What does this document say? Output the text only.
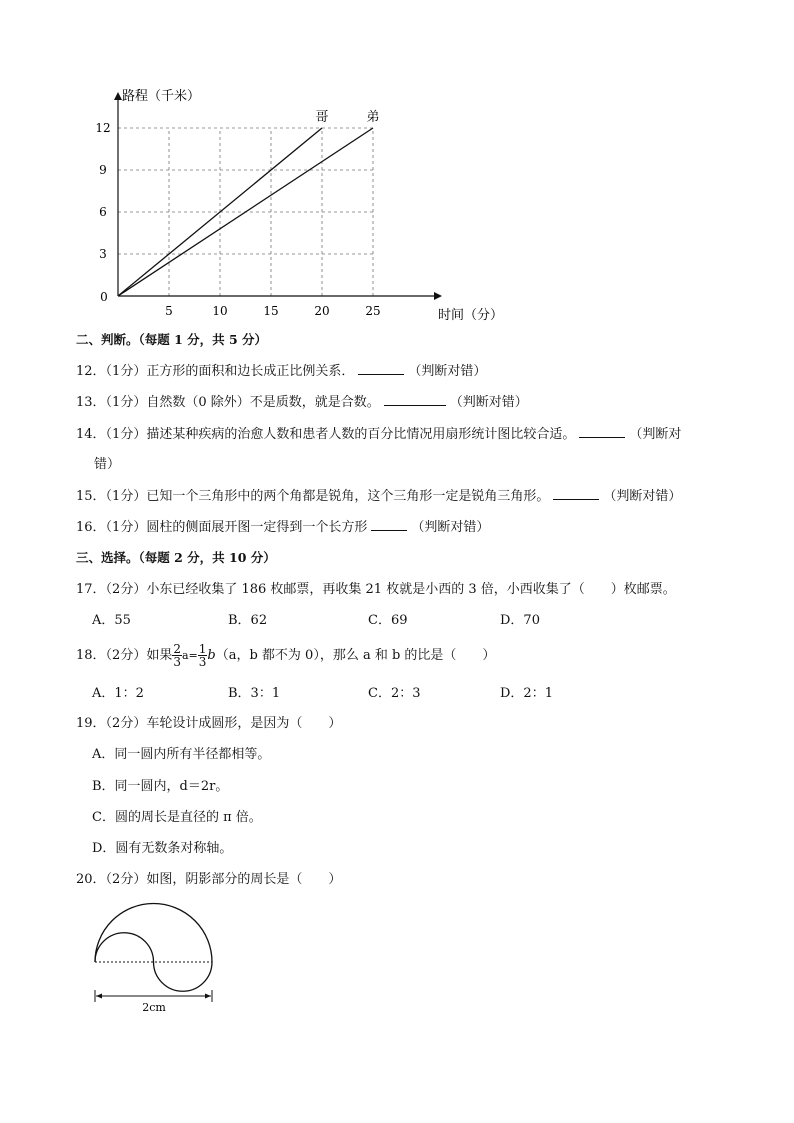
路程（千米）
时间（分）
0
5	10	15	20	25
3
6
9
12
哥	弟
二、判断。（每题 1 分，共 5 分）
12．（1分）正方形的面积和边长成正比例关系．	（判断对错）
13．（1分）自然数（0 除外）不是质数，就是合数。	（判断对错）
14．（1分）描述某种疾病的治愈人数和患者人数的百分比情况用扇形统计图比较合适。	（判断对
错）
15．（1分）已知一个三角形中的两个角都是锐角，这个三角形一定是锐角三角形。	（判断对错）
16．（1分）圆柱的侧面展开图一定得到一个长方形	（判断对错）
三、选择。（每题 2 分，共 10 分）
17．（2分）小东已经收集了 186 枚邮票，再收集 21 枚就是小西的 3 倍，小西收集了（　　）枚邮票。
A．55	B．62	C．69	D．70
18．（2分）如果 $\frac{2}{3} a= \frac{1}{3} b(a$，b 都不为 0），那么 a 和 b 的比是（　　）
A．1：2	B．3：1	C．2：3	D．2：1
19．（2分）车轮设计成圆形，是因为（　　）
A．同一圆内所有半径都相等。
B．同一圆内，d＝2r。
C．圆的周长是直径的 π 倍。
D．圆有无数条对称轴。
20．（2分）如图，阴影部分的周长是（　　）
2cm
